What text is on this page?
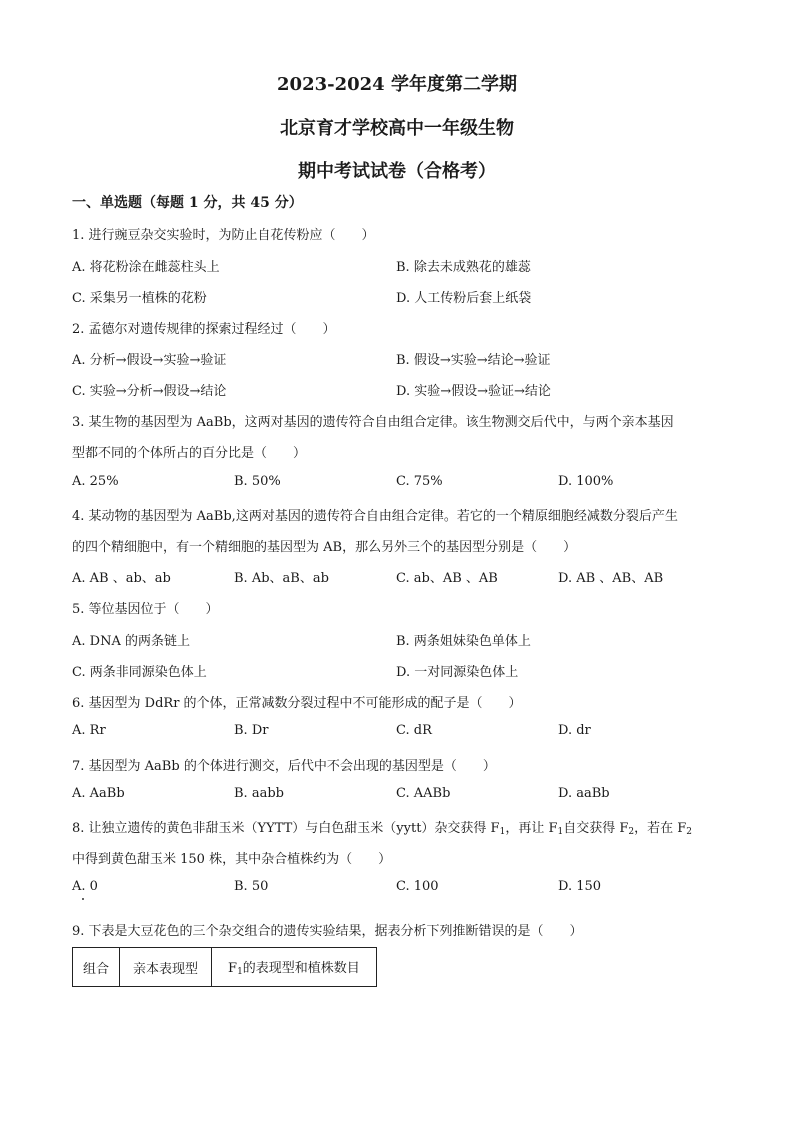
2023-2024 学年度第二学期
北京育才学校高中一年级生物
期中考试试卷（合格考）
一、单选题（每题 1 分，共 45 分）
1. 进行豌豆杂交实验时，为防止自花传粉应（　　）
A. 将花粉涂在雌蕊柱头上	B. 除去未成熟花的雄蕊
C. 采集另一植株的花粉	D. 人工传粉后套上纸袋
2. 孟德尔对遗传规律的探索过程经过（　　）
A. 分析→假设→实验→验证	B. 假设→实验→结论→验证
C. 实验→分析→假设→结论	D. 实验→假设→验证→结论
3. 某生物的基因型为 AaBb，这两对基因的遗传符合自由组合定律。该生物测交后代中，与两个亲本基因
型都不同的个体所占的百分比是（　　）
A. 25%	B. 50%	C. 75%	D. 100%
4. 某动物的基因型为 AaBb,这两对基因的遗传符合自由组合定律。若它的一个精原细胞经减数分裂后产生
的四个精细胞中，有一个精细胞的基因型为 AB，那么另外三个的基因型分别是（　　）
A. AB 、ab、ab	B. Ab、aB、ab	C. ab、AB 、AB	D. AB 、AB、AB
5. 等位基因位于（　　）
A. DNA 的两条链上	B. 两条姐妹染色单体上
C. 两条非同源染色体上	D. 一对同源染色体上
6. 基因型为 DdRr 的个体，正常减数分裂过程中不可能形成的配子是（　　）
A. Rr	B. Dr	C. dR	D. dr
7. 基因型为 AaBb 的个体进行测交，后代中不会出现的基因型是（　　）
A. AaBb	B. aabb	C. AABb	D. aaBb
8. 让独立遗传的黄色非甜玉米（YYTT）与白色甜玉米（yytt）杂交获得 $F_1$，再让 $F_1$自交获得 $F_2$，若在 $F_2$
中得到黄色甜玉米 150 株，其中杂合植株约为（　　）
A. 0	B. 50	C. 100	D. 150
9. 下表是大豆花色的三个杂交组合的遗传实验结果，据表分析下列推断错误的是（　　）
组合	亲本表现型	$F_1$的表现型和植株数目
